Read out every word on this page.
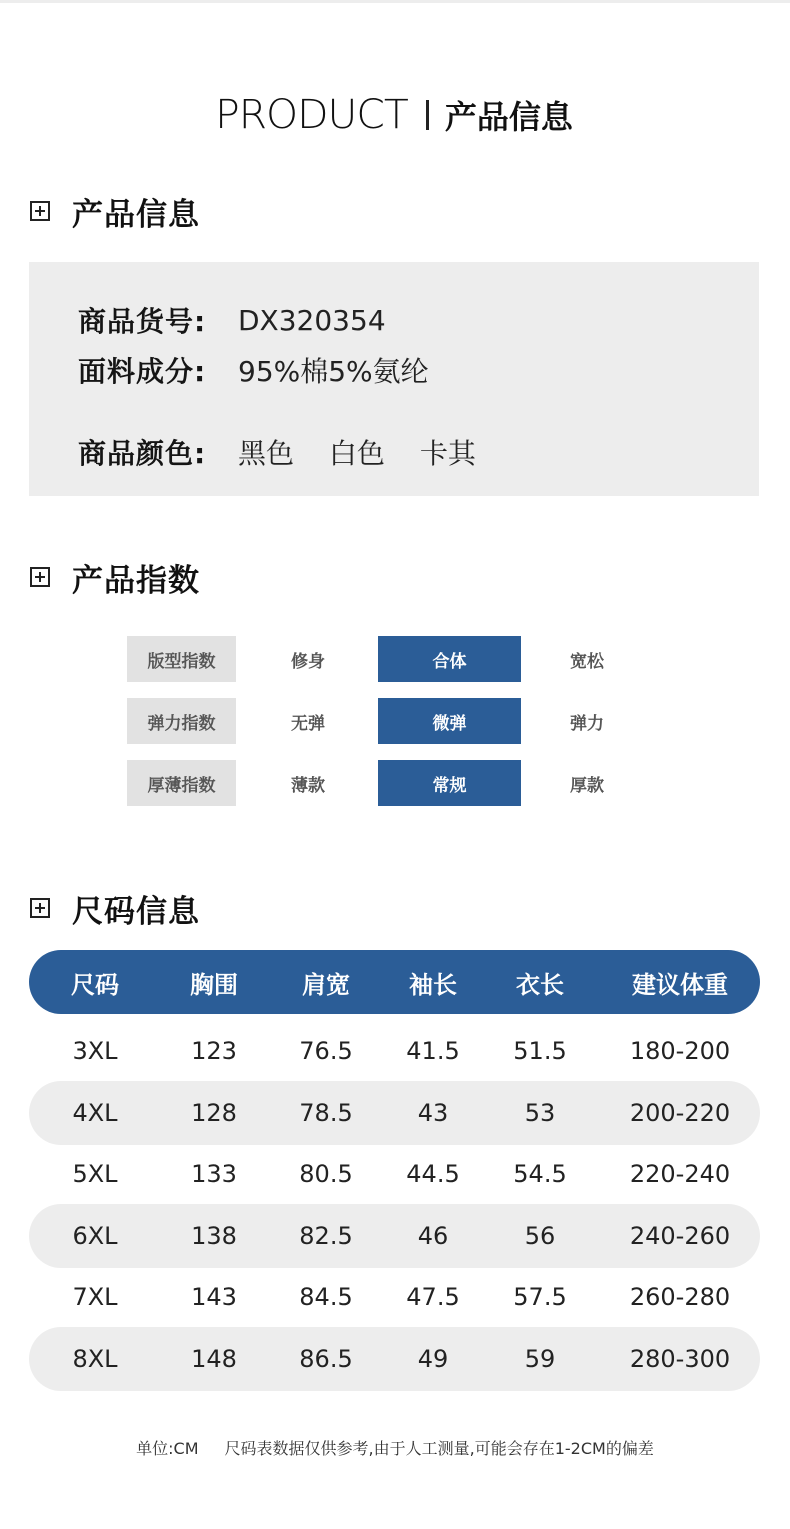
PRODUCT 产品信息
产品信息
商品货号:	DX320354
面料成分:	95%棉5%氨纶
商品颜色:	黑色 白色 卡其
产品指数
版型指数	修身	合体	宽松
弹力指数	无弹	微弹	弹力
厚薄指数	薄款	常规	厚款
尺码信息
尺码	胸围	肩宽	袖长	衣长	建议体重
3XL	123	76.5	41.5	51.5	180-200
4XL	128	78.5	43	53	200-220
5XL	133	80.5	44.5	54.5	220-240
6XL	138	82.5	46	56	240-260
7XL	143	84.5	47.5	57.5	260-280
8XL	148	86.5	49	59	280-300
单位:CM 尺码表数据仅供参考,由于人工测量,可能会存在1-2CM的偏差
